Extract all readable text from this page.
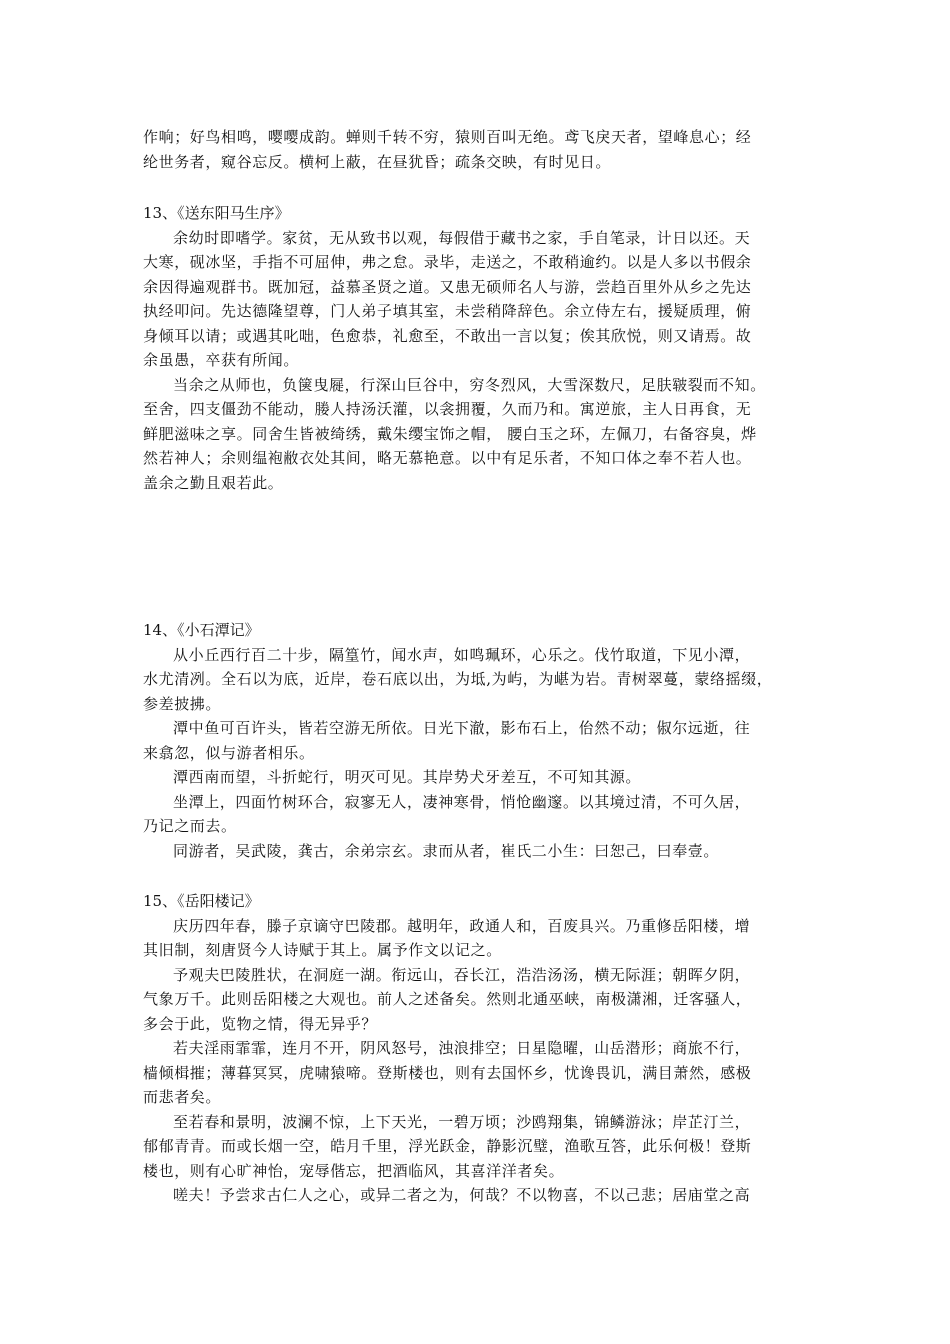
作响；好鸟相鸣，嘤嘤成韵。蝉则千转不穷，猿则百叫无绝。鸢飞戾天者，望峰息心；经
纶世务者，窥谷忘反。横柯上蔽，在昼犹昏；疏条交映，有时见日。
13、《送东阳马生序》
余幼时即嗜学。家贫，无从致书以观，每假借于藏书之家，手自笔录，计日以还。天
大寒，砚冰坚，手指不可屈伸，弗之怠。录毕，走送之，不敢稍逾约。以是人多以书假余
余因得遍观群书。既加冠，益慕圣贤之道。又患无硕师名人与游，尝趋百里外从乡之先达
执经叩问。先达德隆望尊，门人弟子填其室，未尝稍降辞色。余立侍左右，援疑质理，俯
身倾耳以请；或遇其叱咄，色愈恭，礼愈至，不敢出一言以复；俟其欣悦，则又请焉。故
余虽愚，卒获有所闻。
当余之从师也，负箧曳屣，行深山巨谷中，穷冬烈风，大雪深数尺，足肤皲裂而不知。
至舍，四支僵劲不能动，媵人持汤沃灌，以衾拥覆，久而乃和。寓逆旅，主人日再食，无
鲜肥滋味之享。同舍生皆被绮绣，戴朱缨宝饰之帽， 腰白玉之环，左佩刀，右备容臭，烨
然若神人；余则缊袍敝衣处其间，略无慕艳意。以中有足乐者，不知口体之奉不若人也。
盖余之勤且艰若此。
14、《小石潭记》
从小丘西行百二十步，隔篁竹，闻水声，如鸣珮环，心乐之。伐竹取道，下见小潭，
水尤清冽。全石以为底，近岸，卷石底以出，为坻,为屿，为嵁为岩。青树翠蔓，蒙络摇缀，
参差披拂。
潭中鱼可百许头，皆若空游无所依。日光下澈，影布石上，佁然不动；俶尔远逝，往
来翕忽，似与游者相乐。
潭西南而望，斗折蛇行，明灭可见。其岸势犬牙差互，不可知其源。
坐潭上，四面竹树环合，寂寥无人，凄神寒骨，悄怆幽邃。以其境过清，不可久居，
乃记之而去。
同游者，吴武陵，龚古，余弟宗玄。隶而从者，崔氏二小生：曰恕己，曰奉壹。
15、《岳阳楼记》
庆历四年春，滕子京谪守巴陵郡。越明年，政通人和，百废具兴。乃重修岳阳楼，增
其旧制，刻唐贤今人诗赋于其上。属予作文以记之。
予观夫巴陵胜状，在洞庭一湖。衔远山，吞长江，浩浩汤汤，横无际涯；朝晖夕阴，
气象万千。此则岳阳楼之大观也。前人之述备矣。然则北通巫峡，南极潇湘，迁客骚人，
多会于此，览物之情，得无异乎？
若夫淫雨霏霏，连月不开，阴风怒号，浊浪排空；日星隐曜，山岳潜形；商旅不行，
樯倾楫摧；薄暮冥冥，虎啸猿啼。登斯楼也，则有去国怀乡，忧谗畏讥，满目萧然，感极
而悲者矣。
至若春和景明，波澜不惊，上下天光，一碧万顷；沙鸥翔集，锦鳞游泳；岸芷汀兰，
郁郁青青。而或长烟一空，皓月千里，浮光跃金，静影沉璧，渔歌互答，此乐何极！登斯
楼也，则有心旷神怡，宠辱偕忘，把酒临风，其喜洋洋者矣。
嗟夫！予尝求古仁人之心，或异二者之为，何哉？不以物喜，不以己悲；居庙堂之高
